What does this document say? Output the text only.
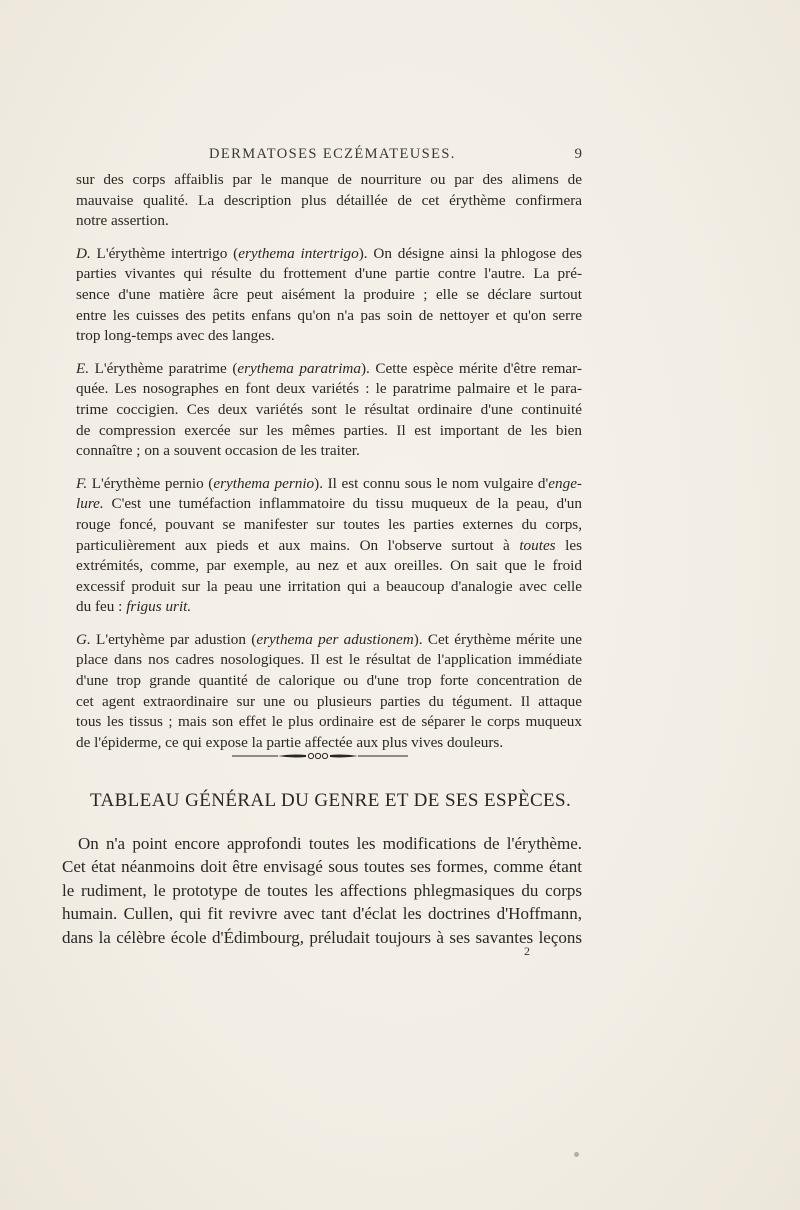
DERMATOSES ECZÉMATEUSES.	9
sur des corps affaiblis par le manque de nourriture ou par des alimens de
mauvaise qualité. La description plus détaillée de cet érythème confirmera
notre assertion.
D. L'érythème intertrigo (erythema intertrigo). On désigne ainsi la phlogose des
parties vivantes qui résulte du frottement d'une partie contre l'autre. La pré-
sence d'une matière âcre peut aisément la produire ; elle se déclare surtout
entre les cuisses des petits enfans qu'on n'a pas soin de nettoyer et qu'on serre
trop long-temps avec des langes.
E. L'érythème paratrime (erythema paratrima). Cette espèce mérite d'être remar-
quée. Les nosographes en font deux variétés : le paratrime palmaire et le para-
trime coccigien. Ces deux variétés sont le résultat ordinaire d'une continuité
de compression exercée sur les mêmes parties. Il est important de les bien
connaître ; on a souvent occasion de les traiter.
F. L'érythème pernio (erythema pernio). Il est connu sous le nom vulgaire d'enge-
lure. C'est une tuméfaction inflammatoire du tissu muqueux de la peau, d'un
rouge foncé, pouvant se manifester sur toutes les parties externes du corps,
particulièrement aux pieds et aux mains. On l'observe surtout à toutes les
extrémités, comme, par exemple, au nez et aux oreilles. On sait que le froid
excessif produit sur la peau une irritation qui a beaucoup d'analogie avec celle
du feu : frigus urit.
G. L'ertyhème par adustion (erythema per adustionem). Cet érythème mérite une
place dans nos cadres nosologiques. Il est le résultat de l'application immédiate
d'une trop grande quantité de calorique ou d'une trop forte concentration de
cet agent extraordinaire sur une ou plusieurs parties du tégument. Il attaque
tous les tissus ; mais son effet le plus ordinaire est de séparer le corps muqueux
de l'épiderme, ce qui expose la partie affectée aux plus vives douleurs.
TABLEAU GÉNÉRAL DU GENRE ET DE SES ESPÈCES.
On n'a point encore approfondi toutes les modifications de l'érythème.
Cet état néanmoins doit être envisagé sous toutes ses formes, comme étant
le rudiment, le prototype de toutes les affections phlegmasiques du corps
humain. Cullen, qui fit revivre avec tant d'éclat les doctrines d'Hoffmann,
dans la célèbre école d'Édimbourg, préludait toujours à ses savantes leçons
2
